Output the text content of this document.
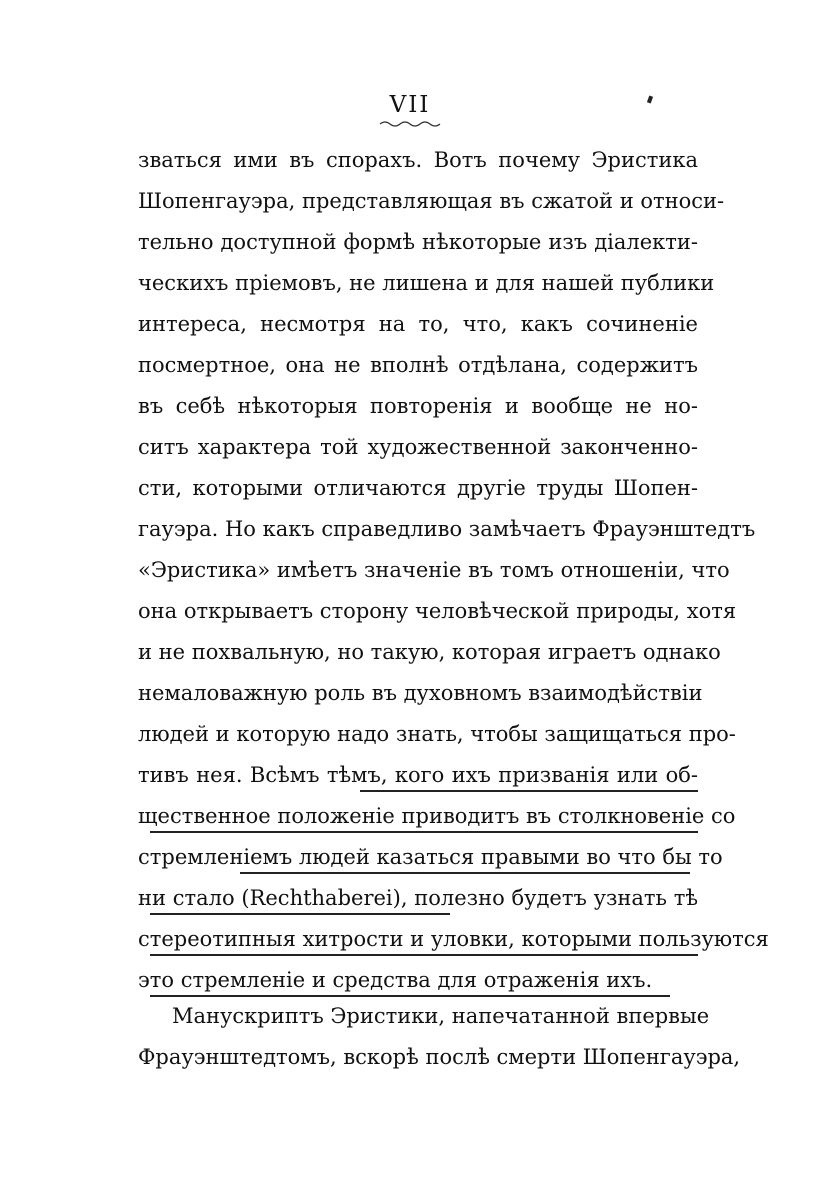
VII
зваться ими въ спорахъ. Вотъ почему Эристика
Шопенгауэра, представляющая въ сжатой и относи-
тельно доступной формѣ нѣкоторые изъ діалекти-
ческихъ пріемовъ, не лишена и для нашей публики
интереса, несмотря на то, что, какъ сочиненіе
посмертное, она не вполнѣ отдѣлана, содержитъ
въ себѣ нѣкоторыя повторенія и вообще не но-
ситъ характера той художественной законченно-
сти, которыми отличаются другіе труды Шопен-
гауэра. Но какъ справедливо замѣчаетъ Фрауэнштедтъ
«Эристика» имѣетъ значеніе въ томъ отношеніи, что
она открываетъ сторону человѣческой природы, хотя
и не похвальную, но такую, которая играетъ однако
немаловажную роль въ духовномъ взаимодѣйствіи
людей и которую надо знать, чтобы защищаться про-
тивъ нея. Всѣмъ тѣмъ, кого ихъ призванія или об-
щественное положеніе приводитъ въ столкновеніе со
стремленіемъ людей казаться правыми во что бы то
ни стало (Rechthaberei), полезно будетъ узнать тѣ
стереотипныя хитрости и уловки, которыми пользуются
это стремленіе и средства для отраженія ихъ.
Манускриптъ Эристики, напечатанной впервые
Фрауэнштедтомъ, вскорѣ послѣ смерти Шопенгауэра,
